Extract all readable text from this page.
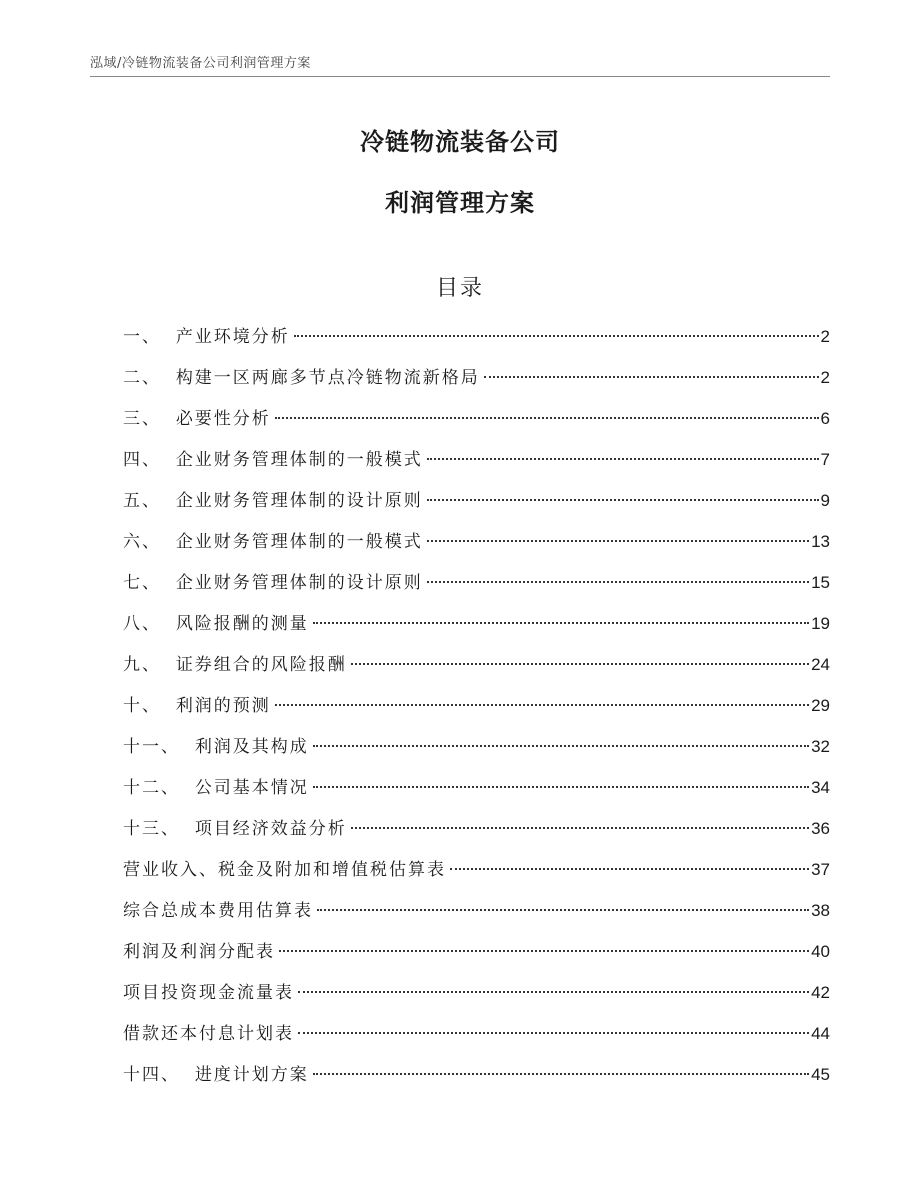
泓域/冷链物流装备公司利润管理方案
冷链物流装备公司
利润管理方案
目录
一、 产业环境分析	2
二、 构建一区两廊多节点冷链物流新格局	2
三、 必要性分析	6
四、 企业财务管理体制的一般模式	7
五、 企业财务管理体制的设计原则	9
六、 企业财务管理体制的一般模式	13
七、 企业财务管理体制的设计原则	15
八、 风险报酬的测量	19
九、 证券组合的风险报酬	24
十、 利润的预测	29
十一、 利润及其构成	32
十二、 公司基本情况	34
十三、 项目经济效益分析	36
营业收入、税金及附加和增值税估算表	37
综合总成本费用估算表	38
利润及利润分配表	40
项目投资现金流量表	42
借款还本付息计划表	44
十四、 进度计划方案	45
